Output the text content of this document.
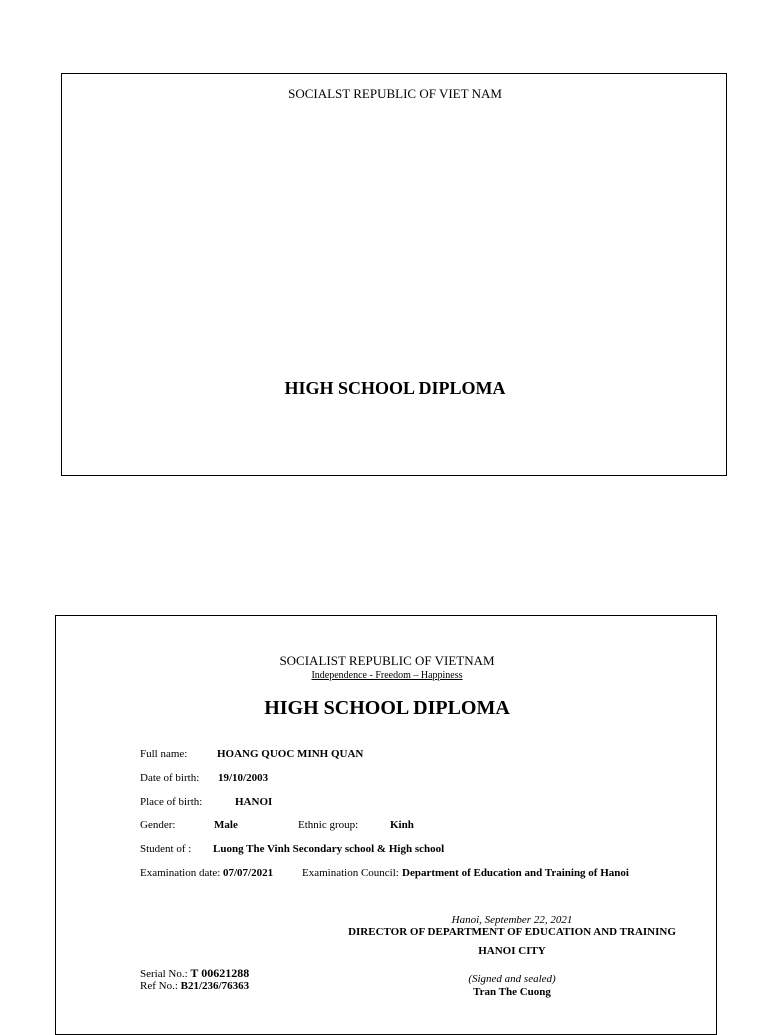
SOCIALST REPUBLIC OF VIET NAM
HIGH SCHOOL DIPLOMA
SOCIALIST REPUBLIC OF VIETNAM
Independence - Freedom – Happiness
HIGH SCHOOL DIPLOMA
Full name:	HOANG QUOC MINH QUAN
Date of birth: 19/10/2003
Place of birth:	HANOI
Gender:	Male	Ethnic group:	Kinh
Student of : Luong The Vinh Secondary school & High school
Examination date: 07/07/2021	Examination Council: Department of Education and Training of Hanoi
Hanoi, September 22, 2021
DIRECTOR OF DEPARTMENT OF EDUCATION AND TRAINING
HANOI CITY
(Signed and sealed)
Tran The Cuong
Serial No.: T 00621288
Ref No.: B21/236/76363
